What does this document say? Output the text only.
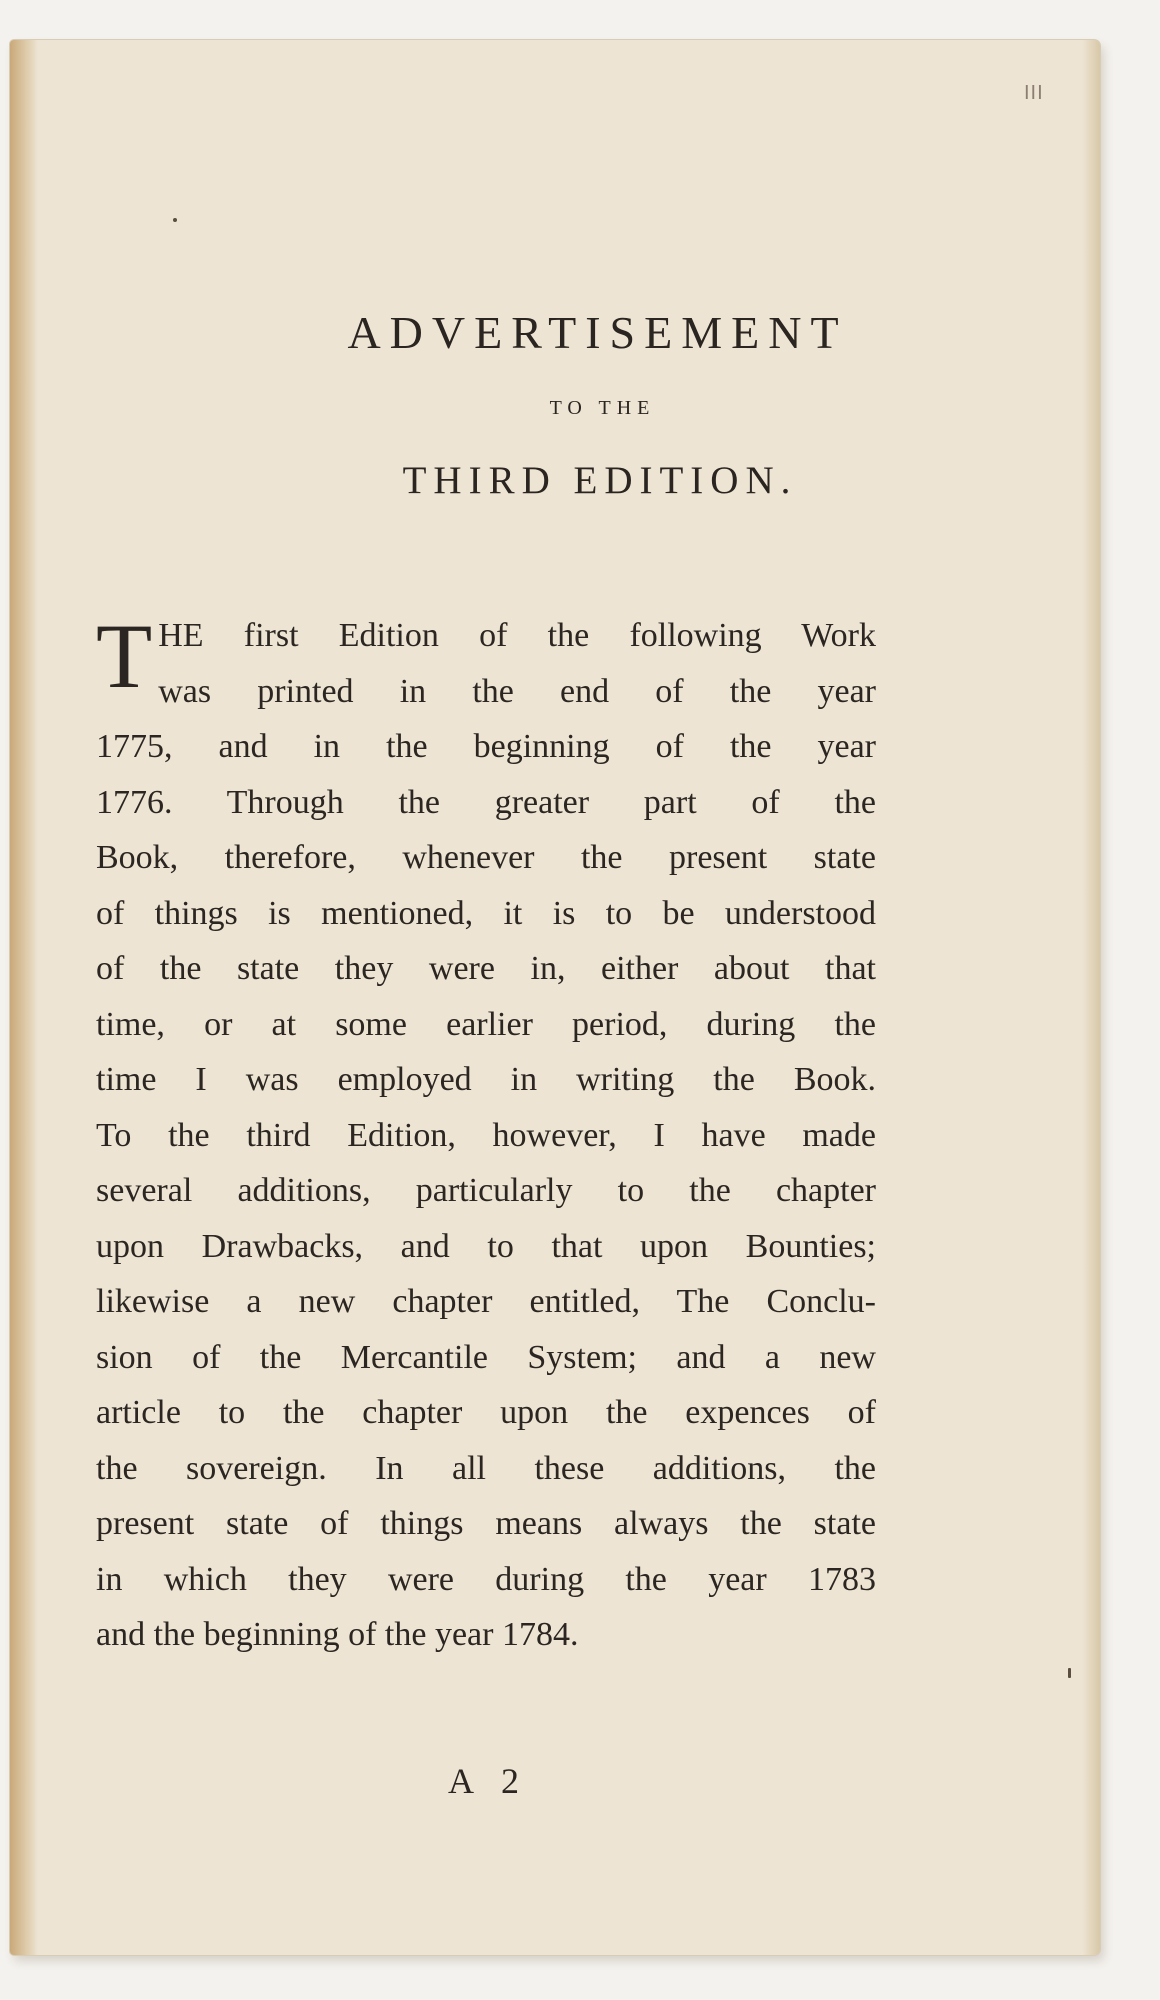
III
ADVERTISEMENT
TO THE
THIRD EDITION.
T HE first Edition of the following Work
was printed in the end of the year
1775, and in the beginning of the year
1776. Through the greater part of the
Book, therefore, whenever the present state
of things is mentioned, it is to be understood
of the state they were in, either about that
time, or at some earlier period, during the
time I was employed in writing the Book.
To the third Edition, however, I have made
several additions, particularly to the chapter
upon Drawbacks, and to that upon Bounties;
likewise a new chapter entitled, The Conclu-
sion of the Mercantile System; and a new
article to the chapter upon the expences of
the sovereign. In all these additions, the
present state of things means always the state
in which they were during the year 1783
and the beginning of the year 1784.
A 2
